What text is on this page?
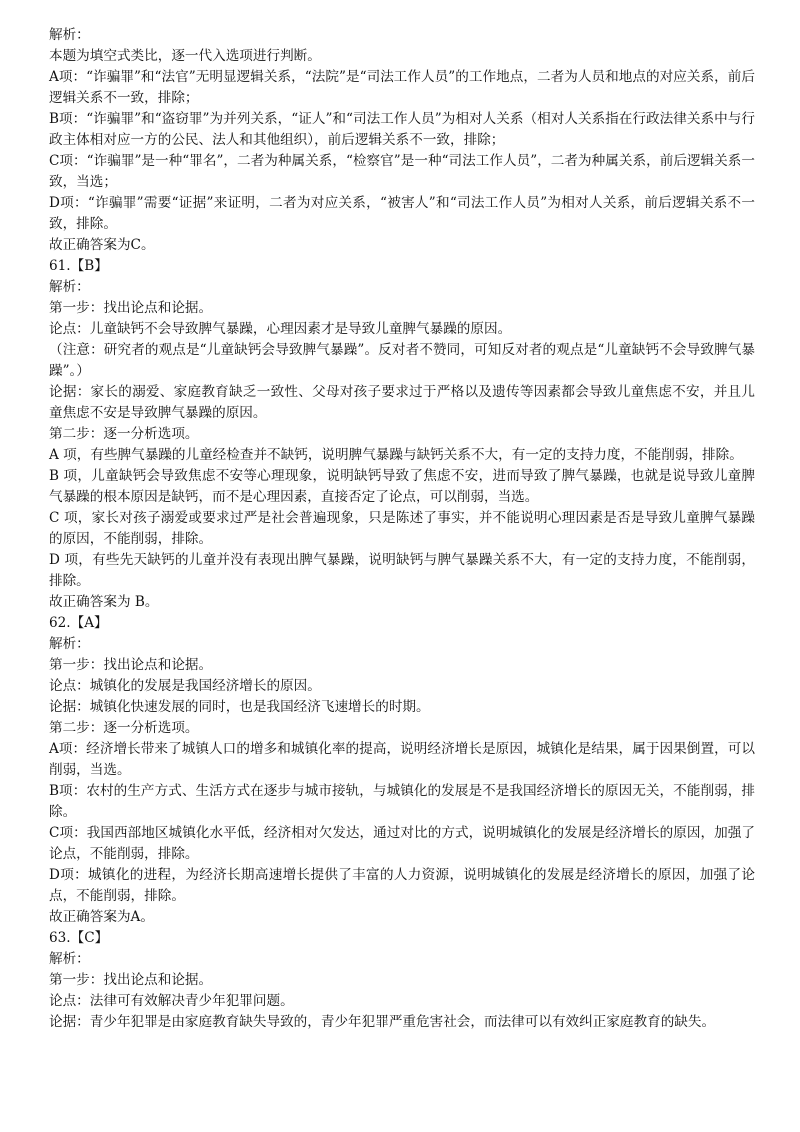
解析：
本题为填空式类比，逐一代入选项进行判断。
A项：“诈骗罪”和“法官”无明显逻辑关系，“法院”是“司法工作人员”的工作地点，二者为人员和地点的对应关系，前后逻辑关系不一致，排除；
B项：“诈骗罪”和“盗窃罪”为并列关系，“证人”和“司法工作人员”为相对人关系（相对人关系指在行政法律关系中与行政主体相对应一方的公民、法人和其他组织），前后逻辑关系不一致，排除；
C项：“诈骗罪”是一种“罪名”，二者为种属关系，“检察官”是一种“司法工作人员”，二者为种属关系，前后逻辑关系一致，当选；
D项：“诈骗罪”需要“证据”来证明，二者为对应关系，“被害人”和“司法工作人员”为相对人关系，前后逻辑关系不一致，排除。
故正确答案为C。
61.【B】
解析：
第一步：找出论点和论据。
论点：儿童缺钙不会导致脾气暴躁，心理因素才是导致儿童脾气暴躁的原因。
（注意：研究者的观点是“儿童缺钙会导致脾气暴躁”。反对者不赞同，可知反对者的观点是“儿童缺钙不会导致脾气暴躁”。）
论据：家长的溺爱、家庭教育缺乏一致性、父母对孩子要求过于严格以及遗传等因素都会导致儿童焦虑不安，并且儿童焦虑不安是导致脾气暴躁的原因。
第二步：逐一分析选项。
A 项，有些脾气暴躁的儿童经检查并不缺钙，说明脾气暴躁与缺钙关系不大，有一定的支持力度，不能削弱，排除。
B 项，儿童缺钙会导致焦虑不安等心理现象，说明缺钙导致了焦虑不安，进而导致了脾气暴躁，也就是说导致儿童脾气暴躁的根本原因是缺钙，而不是心理因素，直接否定了论点，可以削弱，当选。
C 项，家长对孩子溺爱或要求过严是社会普遍现象，只是陈述了事实，并不能说明心理因素是否是导致儿童脾气暴躁的原因，不能削弱，排除。
D 项，有些先天缺钙的儿童并没有表现出脾气暴躁，说明缺钙与脾气暴躁关系不大，有一定的支持力度，不能削弱，排除。
故正确答案为 B。
62.【A】
解析：
第一步：找出论点和论据。
论点：城镇化的发展是我国经济增长的原因。
论据：城镇化快速发展的同时，也是我国经济飞速增长的时期。
第二步：逐一分析选项。
A项：经济增长带来了城镇人口的增多和城镇化率的提高，说明经济增长是原因，城镇化是结果，属于因果倒置，可以削弱，当选。
B项：农村的生产方式、生活方式在逐步与城市接轨，与城镇化的发展是不是我国经济增长的原因无关，不能削弱，排除。
C项：我国西部地区城镇化水平低，经济相对欠发达，通过对比的方式，说明城镇化的发展是经济增长的原因，加强了论点，不能削弱，排除。
D项：城镇化的进程，为经济长期高速增长提供了丰富的人力资源，说明城镇化的发展是经济增长的原因，加强了论点，不能削弱，排除。
故正确答案为A。
63.【C】
解析：
第一步：找出论点和论据。
论点：法律可有效解决青少年犯罪问题。
论据：青少年犯罪是由家庭教育缺失导致的，青少年犯罪严重危害社会，而法律可以有效纠正家庭教育的缺失。
